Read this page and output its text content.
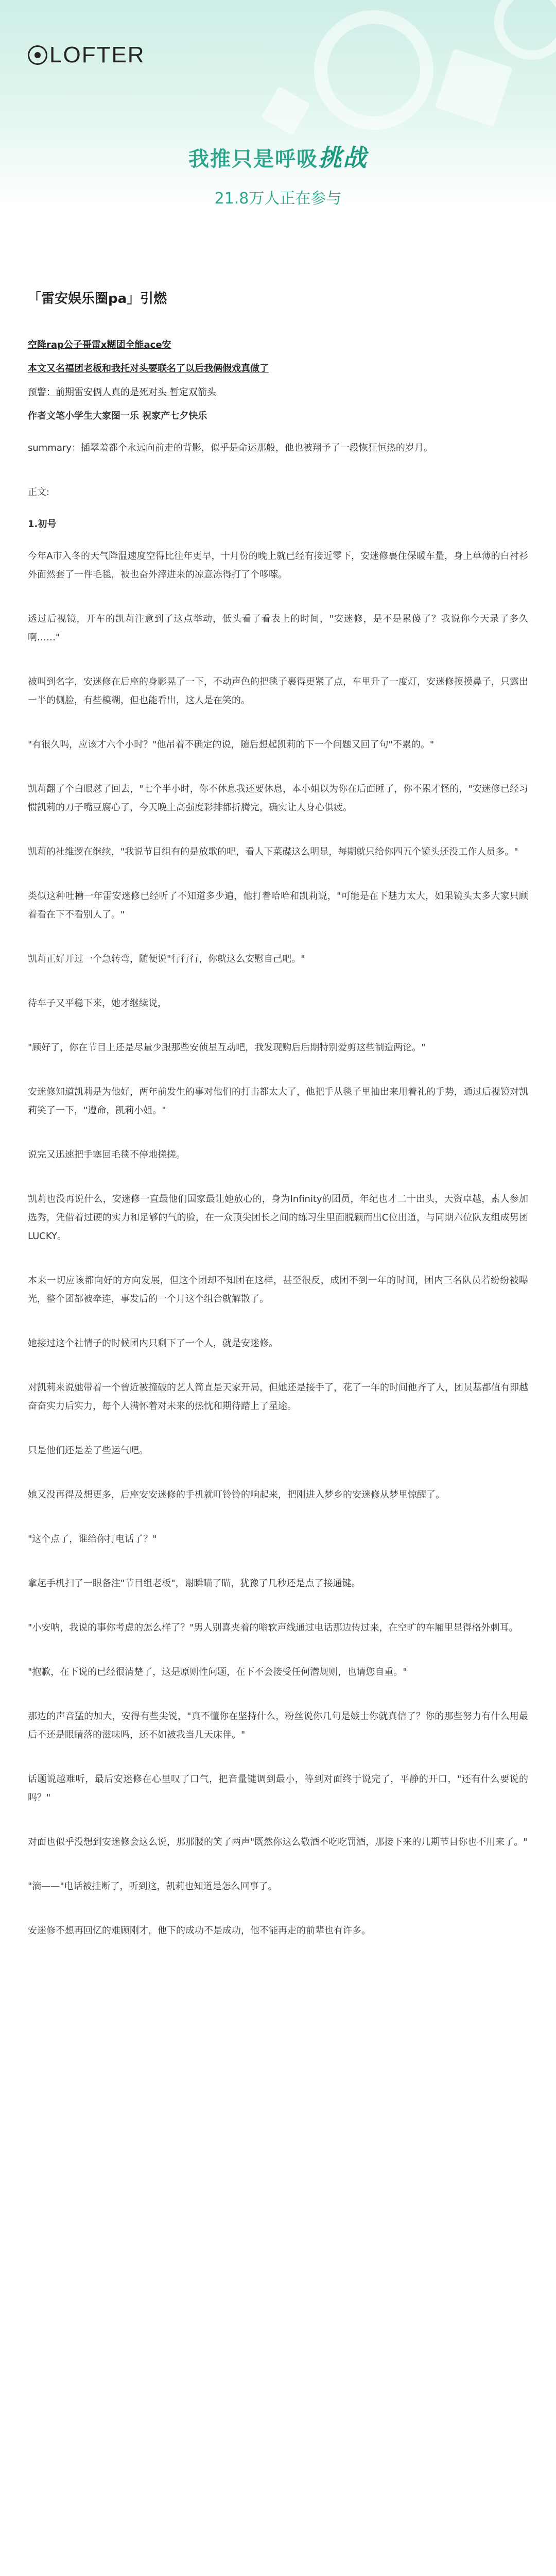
LOFTER
我推只是呼吸挑战
21.8万人正在参与
「雷安娱乐圈pa」引燃
空降rap公子哥雷x糊团全能ace安
本文又名福团老板和我托对头要联名了以后我俩假戏真做了
预警：前期雷安俩人真的是死对头 暂定双箭头
作者文笔小学生大家图一乐 祝家产七夕快乐
summary：插翠羞都个永远向前走的背影，似乎是命运那般，他也被翔予了一段恢狂恒热的岁月。
正文:
1.初号
今年A市入冬的天气降温速度空得比往年更早，十月份的晚上就已经有接近零下，安迷修裹住保暖车量，身上单薄的白衬衫外面然套了一件毛毯，被也奋外滓进来的凉意冻得打了个哆嗦。
透过后视镜，开车的凯莉注意到了这点举动，低头看了看表上的时间，"安迷修，是不是累傻了？我说你今天录了多久啊……"
被叫到名字，安迷修在后座的身影晃了一下，不动声色的把毯子裹得更紧了点，车里升了一度灯，安迷修摸摸鼻子，只露出一半的侧脸，有些模糊，但也能看出，这人是在笑的。
"有很久吗，应该才六个小时？"他吊着不确定的说，随后想起凯莉的下一个问题又回了句"不累的。"
凯莉翻了个白眼怼了回去，"七个半小时，你不休息我还要休息，本小姐以为你在后面睡了，你不累才怪的，"安迷修已经习惯凯莉的刀子嘴豆腐心了，今天晚上高强度彩排都折腾完，确实让人身心俱疲。
凯莉的社维逻在继续，"我说节目组有的是放歌的吧，看人下菜碟这么明显，每期就只给你四五个镜头还没工作人员多。"
类似这种吐槽一年雷安迷修已经听了不知道多少遍，他打着哈哈和凯莉说，"可能是在下魅力太大，如果镜头太多大家只顾着看在下不看别人了。"
凯莉正好开过一个急转弯，随便说"行行行，你就这么安慰自己吧。"
待车子又平稳下来，她才继续说，
"顾好了，你在节目上还是尽量少跟那些安侦星互动吧，我发现购后后期特别爱剪这些制造两论。"
安迷修知道凯莉是为他好，两年前发生的事对他们的打击都太大了，他把手从毯子里抽出来用着礼的手势，通过后视镜对凯莉笑了一下，"遵命，凯莉小姐。"
说完又迅速把手塞回毛毯不停地搓搓。
凯莉也没再说什么，安迷修一直最他们国家最让她放心的，身为Infinity的团员，年纪也才二十出头，天资卓越，素人参加选秀，凭借着过硬的实力和足够的气的脸，在一众顶尖团长之间的练习生里面脱颖而出C位出道，与同期六位队友组成男团LUCKY。
本来一切应该都向好的方向发展，但这个团却不知团在这样，甚至很反，成团不到一年的时间，团内三名队员若纷纷被曝光，整个团都被牵连，事发后的一个月这个组合就解散了。
她接过这个社情子的时候团内只剩下了一个人，就是安迷修。
对凯莉来说她带着一个曾近被撞破的艺人简直是天家开局，但她还是接手了，花了一年的时间他齐了人，团员基都值有即越奋奋实力后实力，每个人满怀着对未来的热忱和期待踏上了星途。
只是他们还是差了些运气吧。
她又没再得及想更多，后座安安迷修的手机就叮铃铃的响起来，把刚进入梦乡的安迷修从梦里惊醒了。
"这个点了，谁给你打电话了？"
拿起手机扫了一眼备注"节目组老板"，谢瞬瞄了瞄，犹豫了几秒还是点了接通键。
"小安呐，我说的事你考虑的怎么样了？"男人别喜夹着的嗡软声线通过电话那边传过来，在空旷的车厢里显得格外刺耳。
"抱歉，在下说的已经很清楚了，这是原则性问题，在下不会接受任何潜规则，也请您自重。"
那边的声音猛的加大，安得有些尖锐，"真不懂你在坚持什么，粉丝说你几句是嫉士你就真信了？你的那些努力有什么用最后不还是眼睛落的滋味吗，还不如被我当几天床伴。"
话题说越难听，最后安迷修在心里叹了口气，把音量键调到最小，等到对面终于说完了，平静的开口，"还有什么要说的吗？"
对面也似乎没想到安迷修会这么说，那那腰的笑了两声"既然你这么敬酒不吃吃罚酒，那接下来的几期节目你也不用来了。"
"滴——"电话被挂断了，听到这，凯莉也知道是怎么回事了。
安迷修不想再回忆的难顾刚才，他下的成功不是成功，他不能再走的前辈也有许多。
